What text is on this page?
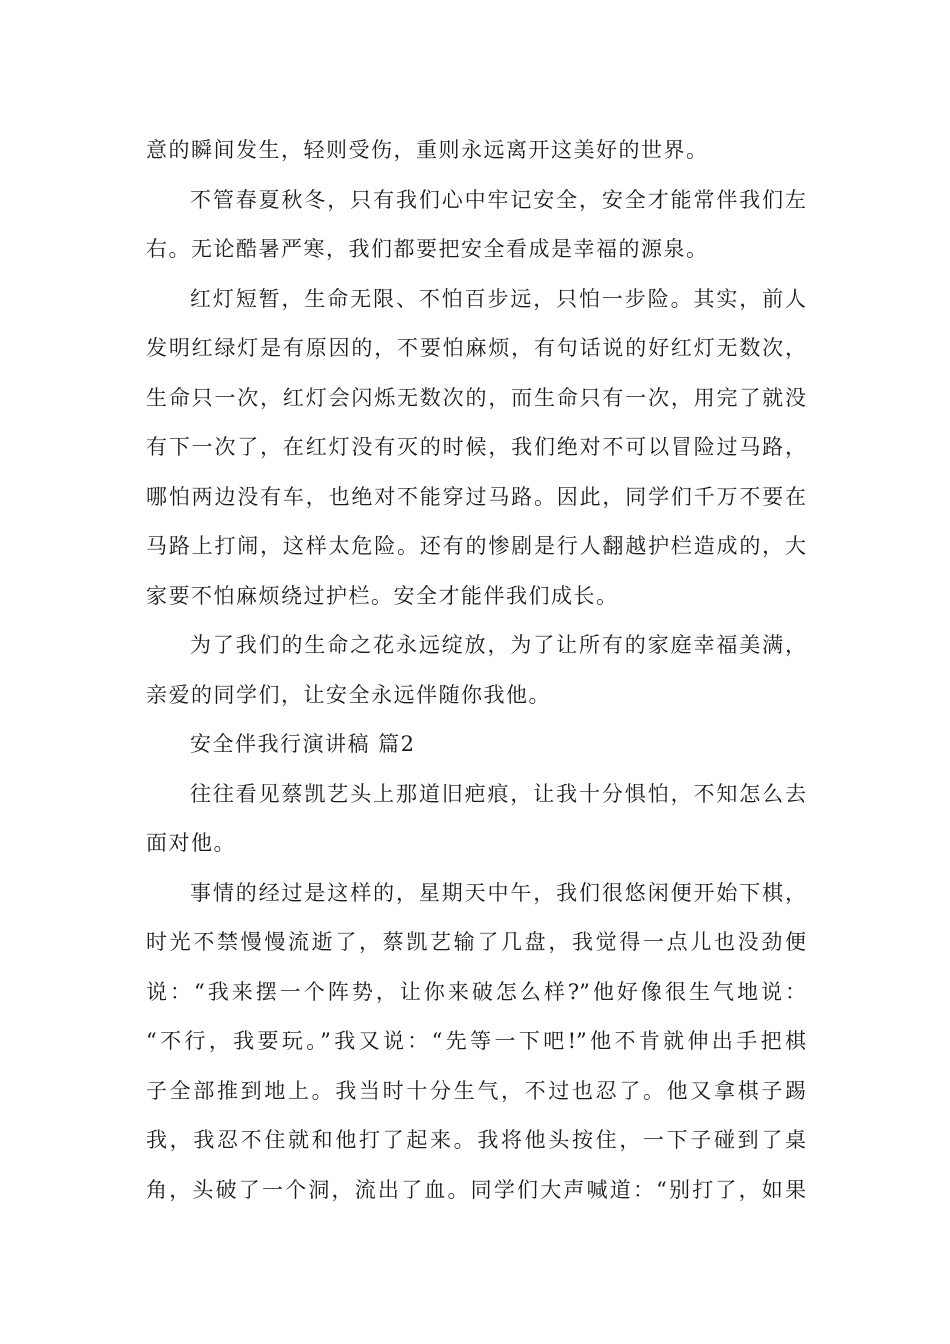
意的瞬间发生，轻则受伤，重则永远离开这美好的世界。
不管春夏秋冬，只有我们心中牢记安全，安全才能常伴我们左
右。无论酷暑严寒，我们都要把安全看成是幸福的源泉。
红灯短暂，生命无限、不怕百步远，只怕一步险。其实，前人
发明红绿灯是有原因的，不要怕麻烦，有句话说的好红灯无数次，
生命只一次，红灯会闪烁无数次的，而生命只有一次，用完了就没
有下一次了，在红灯没有灭的时候，我们绝对不可以冒险过马路，
哪怕两边没有车，也绝对不能穿过马路。因此，同学们千万不要在
马路上打闹，这样太危险。还有的惨剧是行人翻越护栏造成的，大
家要不怕麻烦绕过护栏。安全才能伴我们成长。
为了我们的生命之花永远绽放，为了让所有的家庭幸福美满，
亲爱的同学们，让安全永远伴随你我他。
安全伴我行演讲稿 篇2
往往看见蔡凯艺头上那道旧疤痕，让我十分惧怕，不知怎么去
面对他。
事情的经过是这样的，星期天中午，我们很悠闲便开始下棋，
时光不禁慢慢流逝了，蔡凯艺输了几盘，我觉得一点儿也没劲便
说：“我来摆一个阵势，让你来破怎么样?”他好像很生气地说：
“不行，我要玩。”我又说：“先等一下吧!”他不肯就伸出手把棋
子全部推到地上。我当时十分生气，不过也忍了。他又拿棋子踢
我，我忍不住就和他打了起来。我将他头按住，一下子碰到了桌
角，头破了一个洞，流出了血。同学们大声喊道：“别打了，如果
